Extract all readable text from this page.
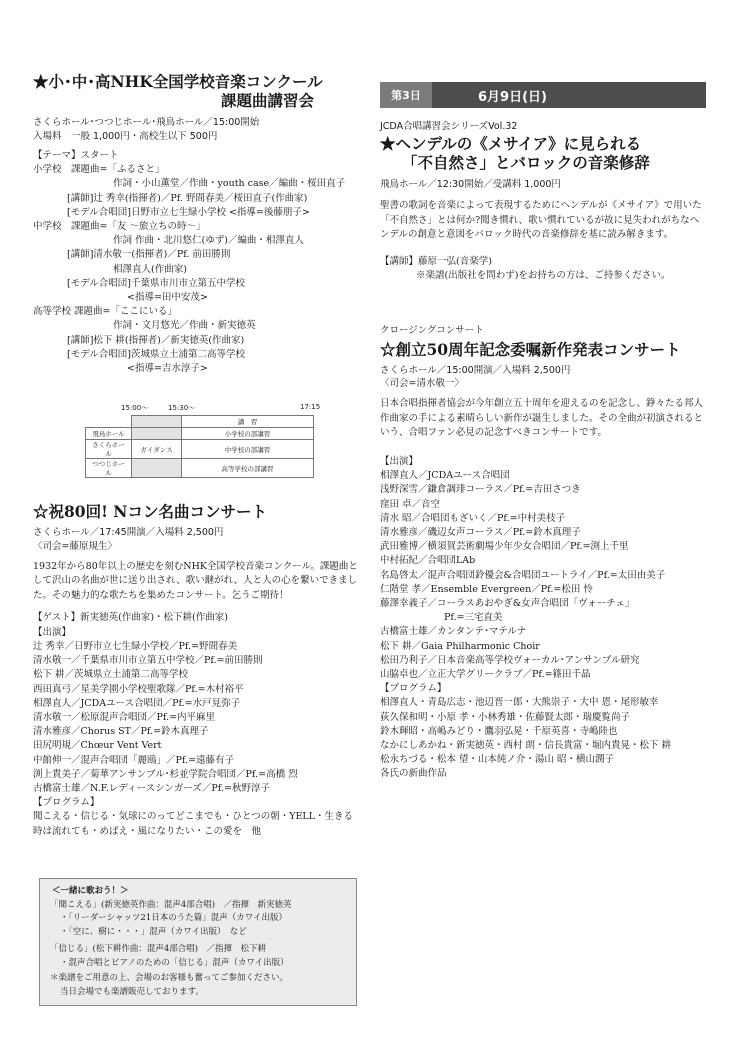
★小･中･高NHK全国学校音楽コンクール
課題曲講習会
さくらホール･つつじホール･飛鳥ホール／15:00開始
入場料　一般 1,000円・高校生以下 500円
【テーマ】スタート
小学校　課題曲=「ふるさと」
作詞・小山薫堂／作曲・youth case／編曲・桜田直子
[講師]辻 秀幸(指揮者)／Pf. 野間春美／桜田直子(作曲家)
[モデル合唱団]日野市立七生緑小学校 <指導=後藤朋子>
中学校　課題曲=「友 ～旅立ちの時～」
作詞 作曲・北川悠仁(ゆず)／編曲・相澤直人
[講師]清水敬一(指揮者)／Pf. 前田勝則
相澤直人(作曲家)
[モデル合唱団]千葉県市川市立第五中学校
<指導=田中安茂>
高等学校 課題曲=「ここにいる」
作詞・文月悠光／作曲・新実徳英
[講師]松下 耕(指揮者)／新実徳英(作曲家)
[モデル合唱団]茨城県立土浦第二高等学校
<指導=吉水淳子>
15:00～	15:30～	17:15
		講　習
飛鳥ホール		小学校の部講習
さくらホール	ガイダンス	中学校の部講習
つつじホール		高等学校の部講習
☆祝80回! Nコン名曲コンサート
さくらホール／17:45開演／入場料 2,500円
〈司会=藤原規生〉
1932年から80年以上の歴史を刻むNHK全国学校音楽コンクール。課題曲として沢山の名曲が世に送り出され、歌い継がれ、人と人の心を繋いできました。その魅力的な歌たちを集めたコンサート。乞うご期待！
【ゲスト】新実徳英(作曲家)・松下耕(作曲家)
【出演】
辻 秀幸／日野市立七生緑小学校／Pf.=野間春美
清水敬一／千葉県市川市立第五中学校／Pf.=前田勝則
松下 耕／茨城県立土浦第二高等学校
西田真弓／星美学園小学校聖歌隊／Pf.=木村裕平
相澤直人／JCDAユース合唱団／Pf.=水戸見弥子
清水敬一／松原混声合唱団／Pf.=内平麻里
清水雅彦／Chorus ST／Pf.=鈴木真理子
田尻明規／Chœur Vent Vert
中館伸一／混声合唱団「麗鴎」／Pf.=遠藤有子
渕上貴美子／菊華アンサンブル･杉並学院合唱団／Pf.=高橋 烈
古橋富士雄／N.F.レディースシンガーズ／Pf.=秋野淳子
【プログラム】
聞こえる・信じる・気球にのってどこまでも・ひとつの朝・YELL・生きる
時は流れても・めばえ・風になりたい・この愛を　他
＜一緒に歌おう！＞
「聞こえる」(新実徳英作曲：混声4部合唱)　／指揮　新実徳英
・「リーダーシャッツ21日本のうた篇」混声（カワイ出版）
・「空に、樹に・・・」混声（カワイ出版）　など
「信じる」(松下耕作曲：混声4部合唱)　／指揮　松下耕
・混声合唱とピアノのための「信じる」混声（カワイ出版）
＊楽譜をご用意の上、会場のお客様も奮ってご参加ください。
当日会場でも楽譜販売しております。
第3日	6月9日(日)
JCDA合唱講習会シリーズVol.32
★ヘンデルの《メサイア》に見られる
「不自然さ」とバロックの音楽修辞
飛鳥ホール／12:30開始／受講料 1,000円
聖書の歌詞を音楽によって表現するためにヘンデルが《メサイア》で用いた「不自然さ」とは何か?聞き慣れ、歌い慣れているが故に見失われがちなヘンデルの創意と意図をバロック時代の音楽修辞を基に読み解きます。
【講師】藤原一弘(音楽学)
※楽譜(出版社を問わず)をお持ちの方は、ご持参ください。
クロージングコンサート
☆創立50周年記念委嘱新作発表コンサート
さくらホール／15:00開演／入場料 2,500円
〈司会=清水敬一〉
日本合唱指揮者協会が今年創立五十周年を迎えるのを記念し、錚々たる邦人作曲家の手による素晴らしい新作が誕生しました。その全曲が初演されるという、合唱ファン必見の記念すべきコンサートです。
【出演】
相澤直人／JCDAユース合唱団
浅野深雪／鎌倉調琲コーラス／Pf.=吉田さつき
窪田 卓／音空
清水 昭／合唱団もざいく／Pf.=中村美枝子
清水雅彦／磯辺女声コーラス／Pf.=鈴木真理子
武田雅博／横須賀芸術劇場少年少女合唱団／Pf.=渕上千里
中村拓紀／合唱団LAb
名島啓太／混声合唱団鈴優会&合唱団ユートライ／Pf.=太田由美子
仁階堂 孝／Ensemble Evergreen／Pf.=松田 怜
藤澤幸義子／コーラスあおやぎ&女声合唱団「ヴォーチェ」
Pf.=三宅直美
古橋富士雄／カンタンテ･マテルナ
松下 耕／Gaia Philharmonic Choir
松田乃利子／日本音楽高等学校ヴォーカル･アンサンブル研究
山脇卓也／立正大学グリークラブ／Pf.=篠田千晶
【プログラム】
相澤直人・青島広志・池辺晋一郎・大熊崇子・大中 恩・尾形敏幸
荻久保和明・小原 孝・小林秀雄・佐藤賢太郎・瑞慶覧尚子
鈴木輝昭・高嶋みどり・鷹羽弘晃・千原英喜・寺嶋陸也
なかにしあかね・新実徳英・西村 朗・信長貴富・堀内貴晃・松下 耕
松永ちづる・松本 望・山本純ノ介・湯山 昭・横山潤子
各氏の新曲作品
